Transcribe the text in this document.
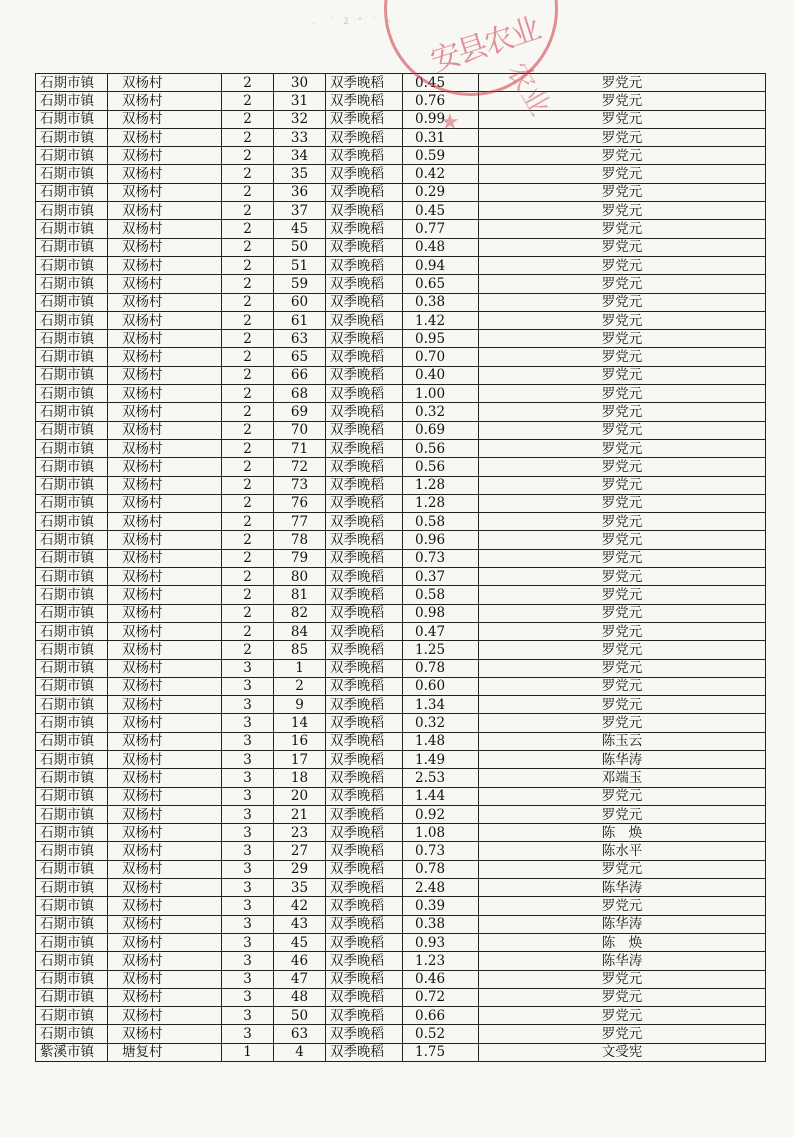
、 ` 2 ° ´ ~ 安县农业
农业
★
石期市镇	双杨村	2	30	双季晚稻	0.45	罗党元
石期市镇	双杨村	2	31	双季晚稻	0.76	罗党元
石期市镇	双杨村	2	32	双季晚稻	0.99	罗党元
石期市镇	双杨村	2	33	双季晚稻	0.31	罗党元
石期市镇	双杨村	2	34	双季晚稻	0.59	罗党元
石期市镇	双杨村	2	35	双季晚稻	0.42	罗党元
石期市镇	双杨村	2	36	双季晚稻	0.29	罗党元
石期市镇	双杨村	2	37	双季晚稻	0.45	罗党元
石期市镇	双杨村	2	45	双季晚稻	0.77	罗党元
石期市镇	双杨村	2	50	双季晚稻	0.48	罗党元
石期市镇	双杨村	2	51	双季晚稻	0.94	罗党元
石期市镇	双杨村	2	59	双季晚稻	0.65	罗党元
石期市镇	双杨村	2	60	双季晚稻	0.38	罗党元
石期市镇	双杨村	2	61	双季晚稻	1.42	罗党元
石期市镇	双杨村	2	63	双季晚稻	0.95	罗党元
石期市镇	双杨村	2	65	双季晚稻	0.70	罗党元
石期市镇	双杨村	2	66	双季晚稻	0.40	罗党元
石期市镇	双杨村	2	68	双季晚稻	1.00	罗党元
石期市镇	双杨村	2	69	双季晚稻	0.32	罗党元
石期市镇	双杨村	2	70	双季晚稻	0.69	罗党元
石期市镇	双杨村	2	71	双季晚稻	0.56	罗党元
石期市镇	双杨村	2	72	双季晚稻	0.56	罗党元
石期市镇	双杨村	2	73	双季晚稻	1.28	罗党元
石期市镇	双杨村	2	76	双季晚稻	1.28	罗党元
石期市镇	双杨村	2	77	双季晚稻	0.58	罗党元
石期市镇	双杨村	2	78	双季晚稻	0.96	罗党元
石期市镇	双杨村	2	79	双季晚稻	0.73	罗党元
石期市镇	双杨村	2	80	双季晚稻	0.37	罗党元
石期市镇	双杨村	2	81	双季晚稻	0.58	罗党元
石期市镇	双杨村	2	82	双季晚稻	0.98	罗党元
石期市镇	双杨村	2	84	双季晚稻	0.47	罗党元
石期市镇	双杨村	2	85	双季晚稻	1.25	罗党元
石期市镇	双杨村	3	1	双季晚稻	0.78	罗党元
石期市镇	双杨村	3	2	双季晚稻	0.60	罗党元
石期市镇	双杨村	3	9	双季晚稻	1.34	罗党元
石期市镇	双杨村	3	14	双季晚稻	0.32	罗党元
石期市镇	双杨村	3	16	双季晚稻	1.48	陈玉云
石期市镇	双杨村	3	17	双季晚稻	1.49	陈华涛
石期市镇	双杨村	3	18	双季晚稻	2.53	邓端玉
石期市镇	双杨村	3	20	双季晚稻	1.44	罗党元
石期市镇	双杨村	3	21	双季晚稻	0.92	罗党元
石期市镇	双杨村	3	23	双季晚稻	1.08	陈　焕
石期市镇	双杨村	3	27	双季晚稻	0.73	陈水平
石期市镇	双杨村	3	29	双季晚稻	0.78	罗党元
石期市镇	双杨村	3	35	双季晚稻	2.48	陈华涛
石期市镇	双杨村	3	42	双季晚稻	0.39	罗党元
石期市镇	双杨村	3	43	双季晚稻	0.38	陈华涛
石期市镇	双杨村	3	45	双季晚稻	0.93	陈　焕
石期市镇	双杨村	3	46	双季晚稻	1.23	陈华涛
石期市镇	双杨村	3	47	双季晚稻	0.46	罗党元
石期市镇	双杨村	3	48	双季晚稻	0.72	罗党元
石期市镇	双杨村	3	50	双季晚稻	0.66	罗党元
石期市镇	双杨村	3	63	双季晚稻	0.52	罗党元
紫溪市镇	塘复村	1	4	双季晚稻	1.75	文受宪
